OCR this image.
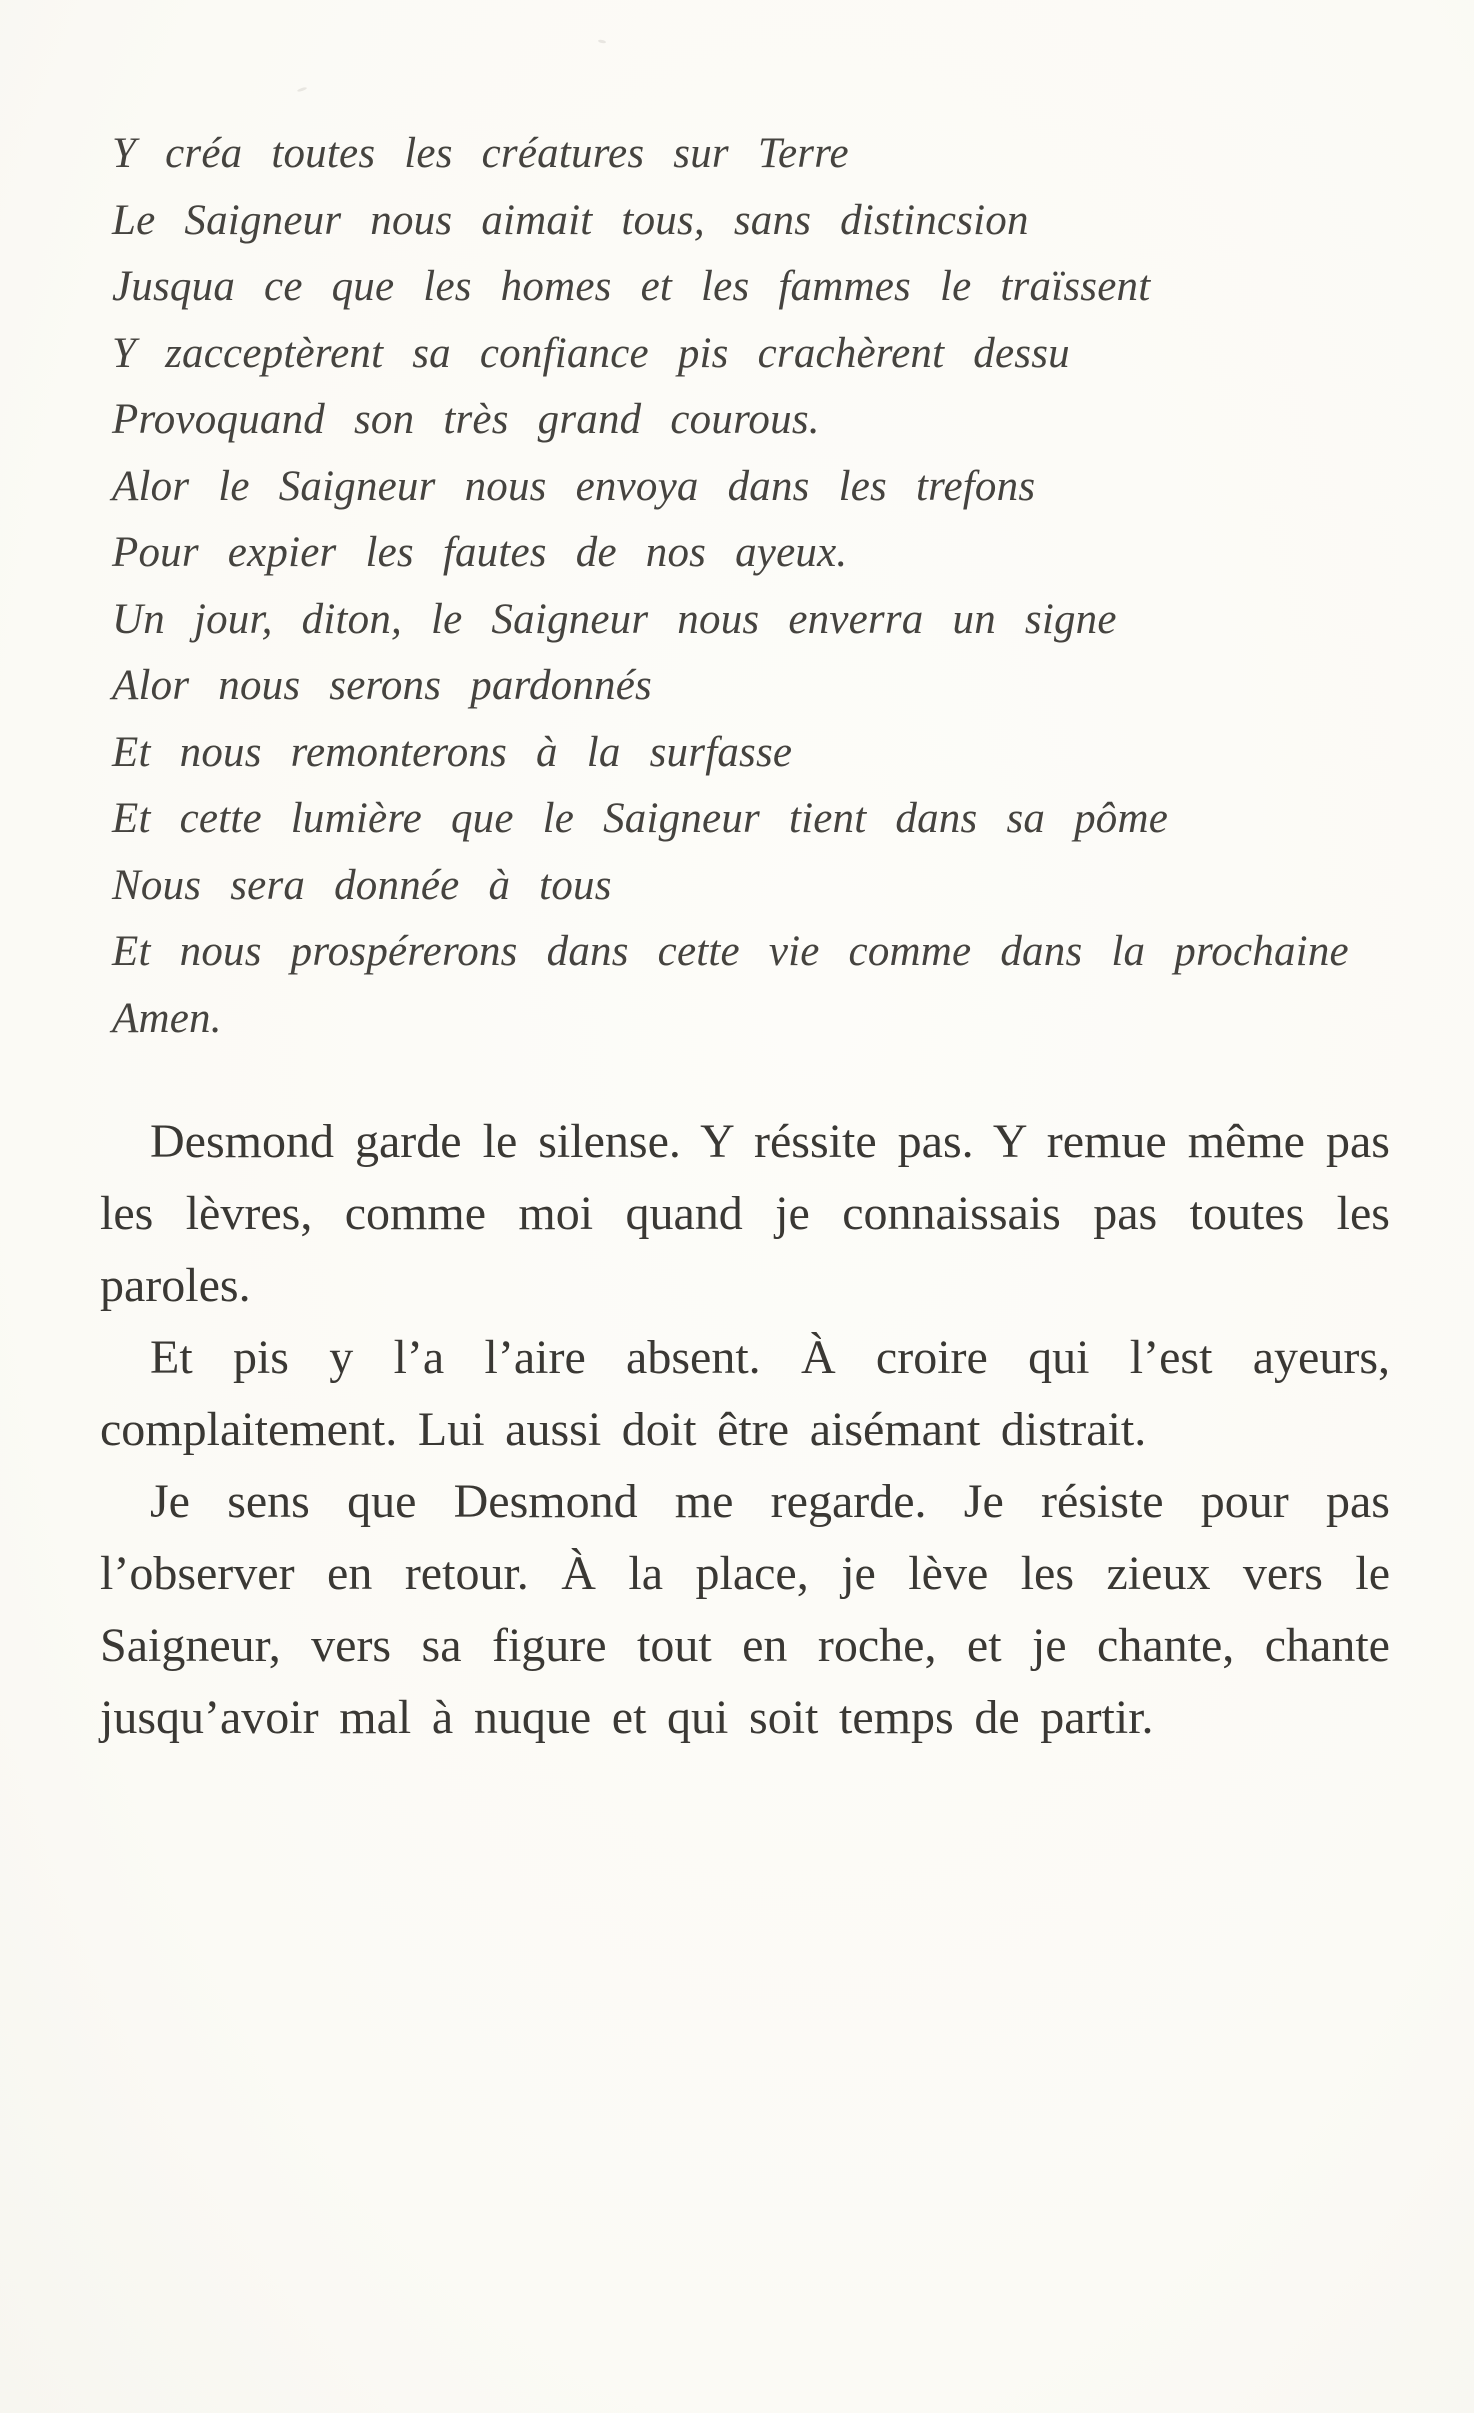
Y créa toutes les créatures sur Terre
Le Saigneur nous aimait tous, sans distincsion
Jusqua ce que les homes et les fammes le traïssent
Y zacceptèrent sa confiance pis crachèrent dessu
Provoquand son très grand courous.
Alor le Saigneur nous envoya dans les trefons
Pour expier les fautes de nos ayeux.
Un jour, diton, le Saigneur nous enverra un signe
Alor nous serons pardonnés
Et nous remonterons à la surfasse
Et cette lumière que le Saigneur tient dans sa pôme
Nous sera donnée à tous
Et nous prospérerons dans cette vie comme dans la prochaine
Amen.

Desmond garde le silense. Y réssite pas. Y remue même pas les lèvres, comme moi quand je connaissais pas toutes les paroles.

Et pis y l’a l’aire absent. À croire qui l’est ayeurs, complaitement. Lui aussi doit être aisémant distrait.

Je sens que Desmond me regarde. Je résiste pour pas l’observer en retour. À la place, je lève les zieux vers le Saigneur, vers sa figure tout en roche, et je chante, chante jusqu’avoir mal à nuque et qui soit temps de partir.
